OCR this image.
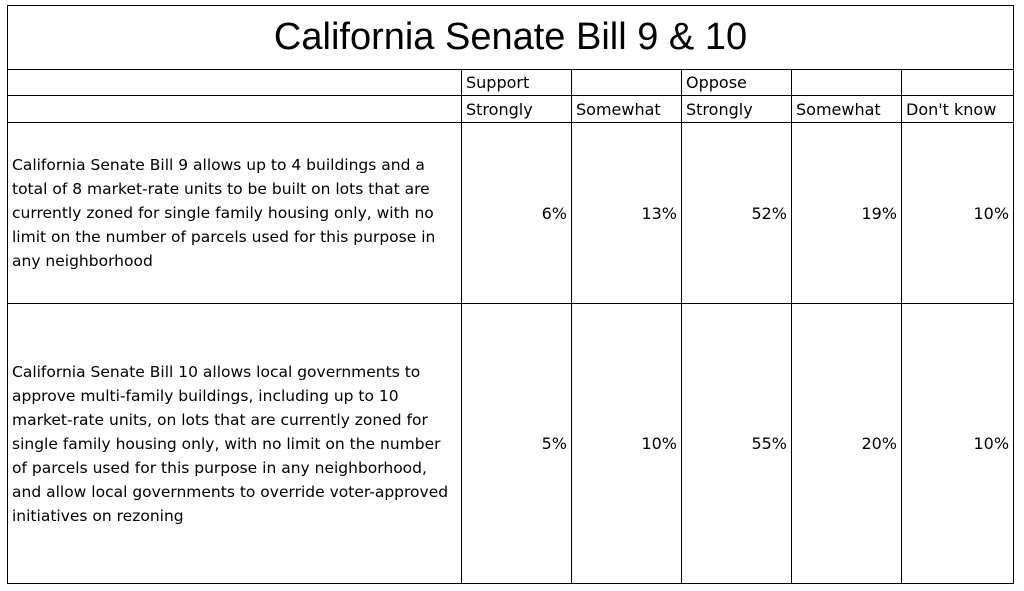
California Senate Bill 9 & 10					
	Support		Oppose		
	Strongly	Somewhat	Strongly	Somewhat	Don't know
California Senate Bill 9 allows up to 4 buildings and a total of 8 market-rate units to be built on lots that are currently zoned for single family housing only, with no limit on the number of parcels used for this purpose in any neighborhood	6%	13%	52%	19%	10%
California Senate Bill 10 allows local governments to approve multi-family buildings, including up to 10 market-rate units, on lots that are currently zoned for single family housing only, with no limit on the number of parcels used for this purpose in any neighborhood, and allow local governments to override voter-approved initiatives on rezoning	5%	10%	55%	20%	10%
